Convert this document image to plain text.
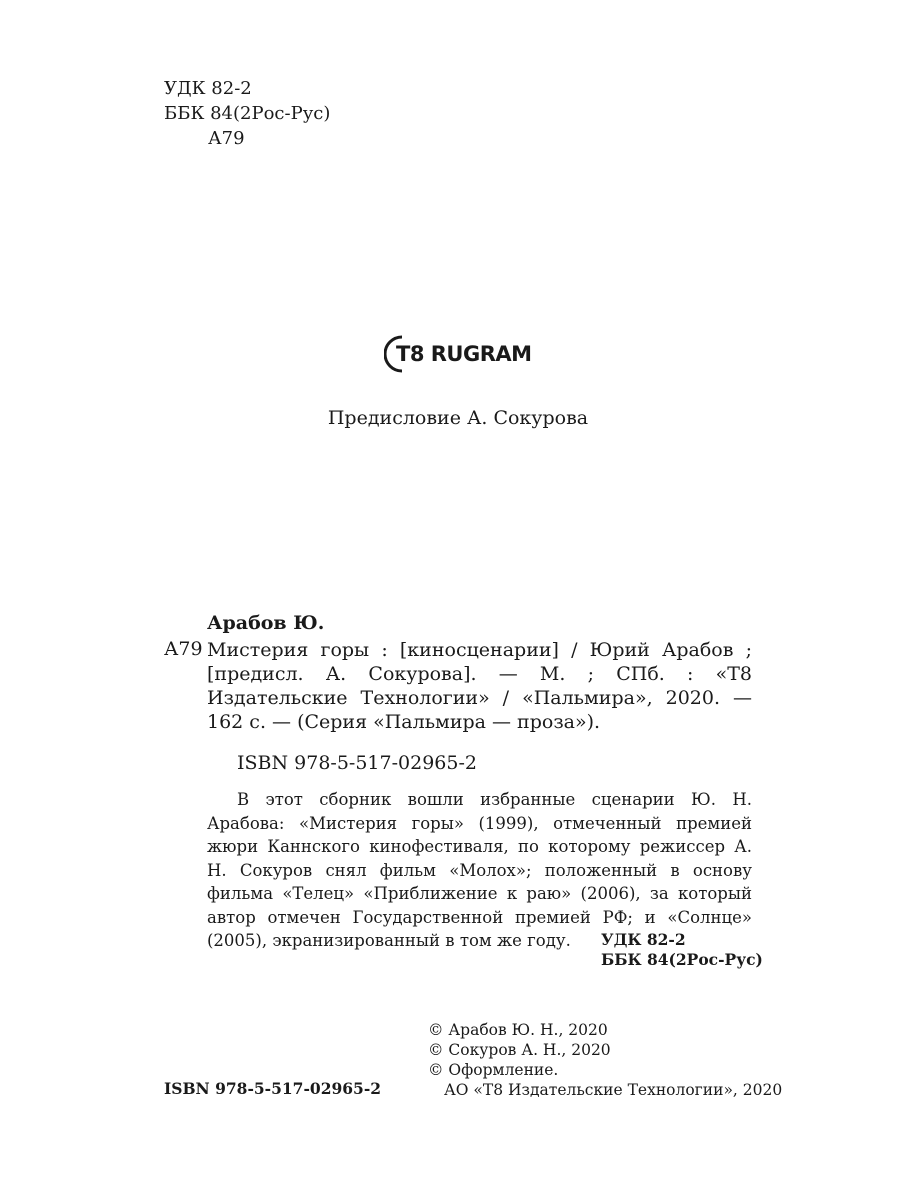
УДК 82-2
ББК 84(2Рос-Рус)
А79
T8 RUGRAM
Предисловие А. Сокурова
Арабов Ю.
А79 Мистерия горы : [киносценарии] / Юрий Арабов ; [предисл. А. Сокурова]. — М. ; СПб. : «Т8 Издательские Технологии» / «Пальмира», 2020. — 162 с. — (Серия «Пальмира — проза»).
ISBN 978-5-517-02965-2
В этот сборник вошли избранные сценарии Ю. Н. Арабова: «Мистерия горы» (1999), отмеченный премией жюри Каннского кинофестиваля, по которому режиссер А. Н. Сокуров снял фильм «Молох»; положенный в основу фильма «Телец» «Приближение к раю» (2006), за который автор отмечен Государственной премией РФ; и «Солнце» (2005), экранизированный в том же году.	УДК 82-2
ББК 84(2Рос-Рус)
© Арабов Ю. Н., 2020
© Сокуров А. Н., 2020
© Оформление.
АО «Т8 Издательские Технологии», 2020
ISBN 978-5-517-02965-2
